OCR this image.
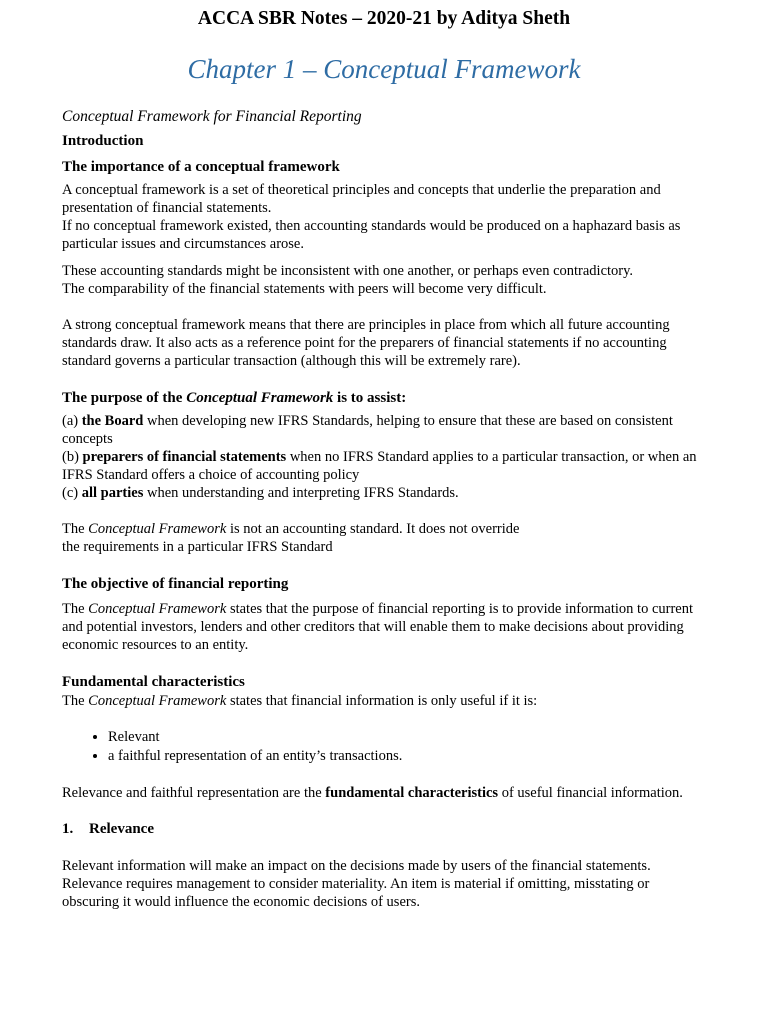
ACCA SBR Notes – 2020-21 by Aditya Sheth
Chapter 1 – Conceptual Framework
Conceptual Framework for Financial Reporting
Introduction
The importance of a conceptual framework

A conceptual framework is a set of theoretical principles and concepts that underlie the preparation and presentation of financial statements.
If no conceptual framework existed, then accounting standards would be produced on a haphazard basis as particular issues and circumstances arose.

These accounting standards might be inconsistent with one another, or perhaps even contradictory.
The comparability of the financial statements with peers will become very difficult.

A strong conceptual framework means that there are principles in place from which all future accounting standards draw. It also acts as a reference point for the preparers of financial statements if no accounting standard governs a particular transaction (although this will be extremely rare).

The purpose of the Conceptual Framework is to assist:

(a) the Board when developing new IFRS Standards, helping to ensure that these are based on consistent concepts
(b) preparers of financial statements when no IFRS Standard applies to a particular transaction, or when an IFRS Standard offers a choice of accounting policy
(c) all parties when understanding and interpreting IFRS Standards.

The Conceptual Framework is not an accounting standard. It does not override
the requirements in a particular IFRS Standard

The objective of financial reporting

The Conceptual Framework states that the purpose of financial reporting is to provide information to current and potential investors, lenders and other creditors that will enable them to make decisions about providing economic resources to an entity.

Fundamental characteristics

The Conceptual Framework states that financial information is only useful if it is:

• Relevant
• a faithful representation of an entity’s transactions.

Relevance and faithful representation are the fundamental characteristics of useful financial information.

1. Relevance

Relevant information will make an impact on the decisions made by users of the financial statements.
Relevance requires management to consider materiality. An item is material if omitting, misstating or obscuring it would influence the economic decisions of users.
